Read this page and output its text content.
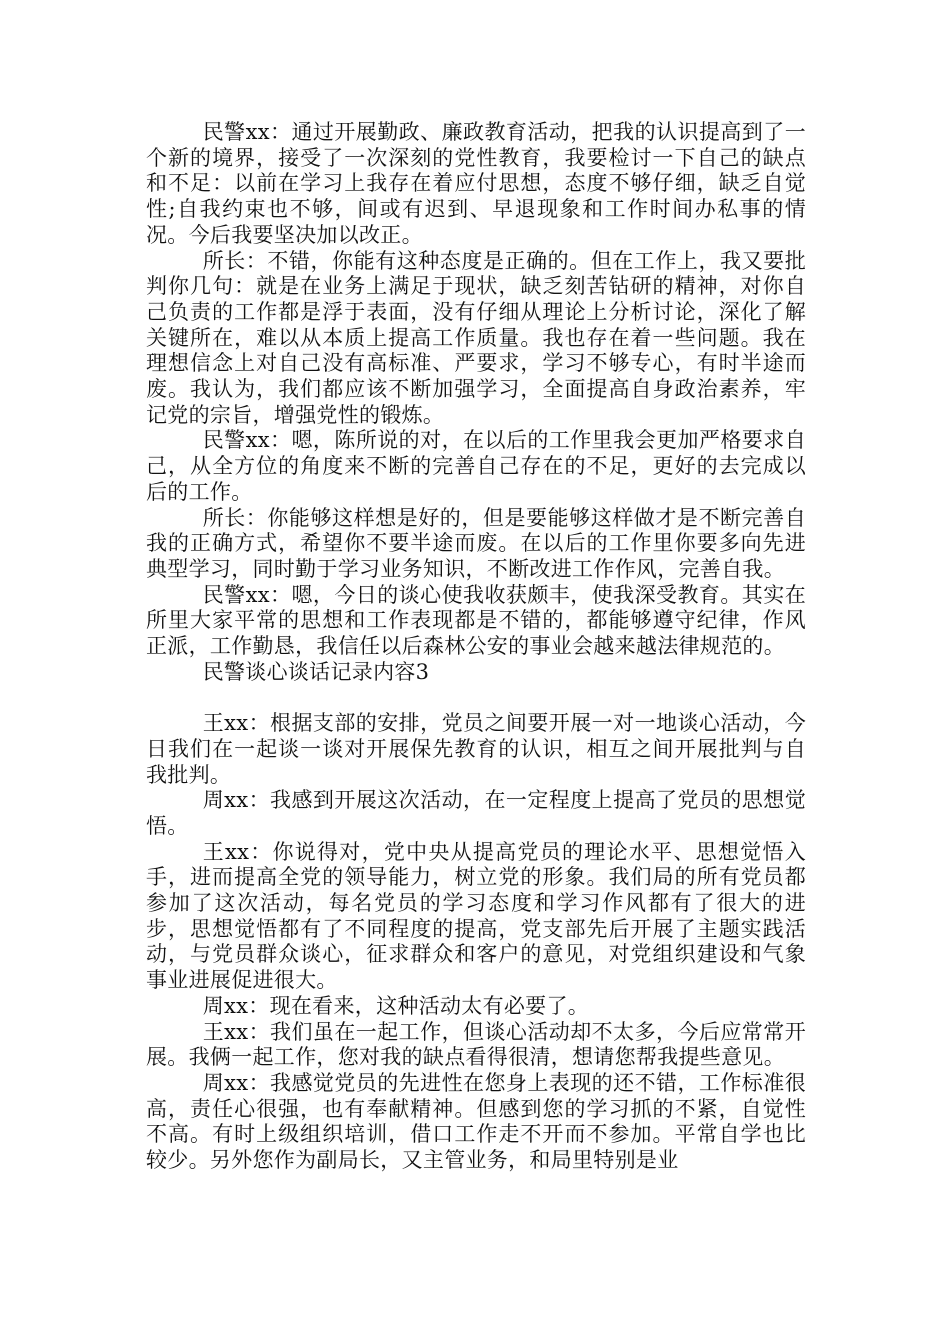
民警xx：通过开展勤政、廉政教育活动，把我的认识提高到了一个新的境界，接受了一次深刻的党性教育，我要检讨一下自己的缺点和不足：以前在学习上我存在着应付思想，态度不够仔细，缺乏自觉性;自我约束也不够，间或有迟到、早退现象和工作时间办私事的情况。今后我要坚决加以改正。

所长：不错，你能有这种态度是正确的。但在工作上，我又要批判你几句：就是在业务上满足于现状，缺乏刻苦钻研的精神，对你自己负责的工作都是浮于表面，没有仔细从理论上分析讨论，深化了解关键所在，难以从本质上提高工作质量。我也存在着一些问题。我在理想信念上对自己没有高标准、严要求，学习不够专心，有时半途而废。我认为，我们都应该不断加强学习，全面提高自身政治素养，牢记党的宗旨，增强党性的锻炼。

民警xx：嗯，陈所说的对，在以后的工作里我会更加严格要求自己，从全方位的角度来不断的完善自己存在的不足，更好的去完成以后的工作。

所长：你能够这样想是好的，但是要能够这样做才是不断完善自我的正确方式，希望你不要半途而废。在以后的工作里你要多向先进典型学习，同时勤于学习业务知识，不断改进工作作风，完善自我。

民警xx：嗯，今日的谈心使我收获颇丰，使我深受教育。其实在所里大家平常的思想和工作表现都是不错的，都能够遵守纪律，作风正派，工作勤恳，我信任以后森林公安的事业会越来越法律规范的。

民警谈心谈话记录内容3

王xx：根据支部的安排，党员之间要开展一对一地谈心活动，今日我们在一起谈一谈对开展保先教育的认识，相互之间开展批判与自我批判。

周xx：我感到开展这次活动，在一定程度上提高了党员的思想觉悟。

王xx：你说得对，党中央从提高党员的理论水平、思想觉悟入手，进而提高全党的领导能力，树立党的形象。我们局的所有党员都参加了这次活动，每名党员的学习态度和学习作风都有了很大的进步，思想觉悟都有了不同程度的提高，党支部先后开展了主题实践活动，与党员群众谈心，征求群众和客户的意见，对党组织建设和气象事业进展促进很大。

周xx：现在看来，这种活动太有必要了。

王xx：我们虽在一起工作，但谈心活动却不太多，今后应常常开展。我俩一起工作，您对我的缺点看得很清，想请您帮我提些意见。

周xx：我感觉党员的先进性在您身上表现的还不错，工作标准很高，责任心很强，也有奉献精神。但感到您的学习抓的不紧，自觉性不高。有时上级组织培训，借口工作走不开而不参加。平常自学也比较少。另外您作为副局长，又主管业务，和局里特别是业
